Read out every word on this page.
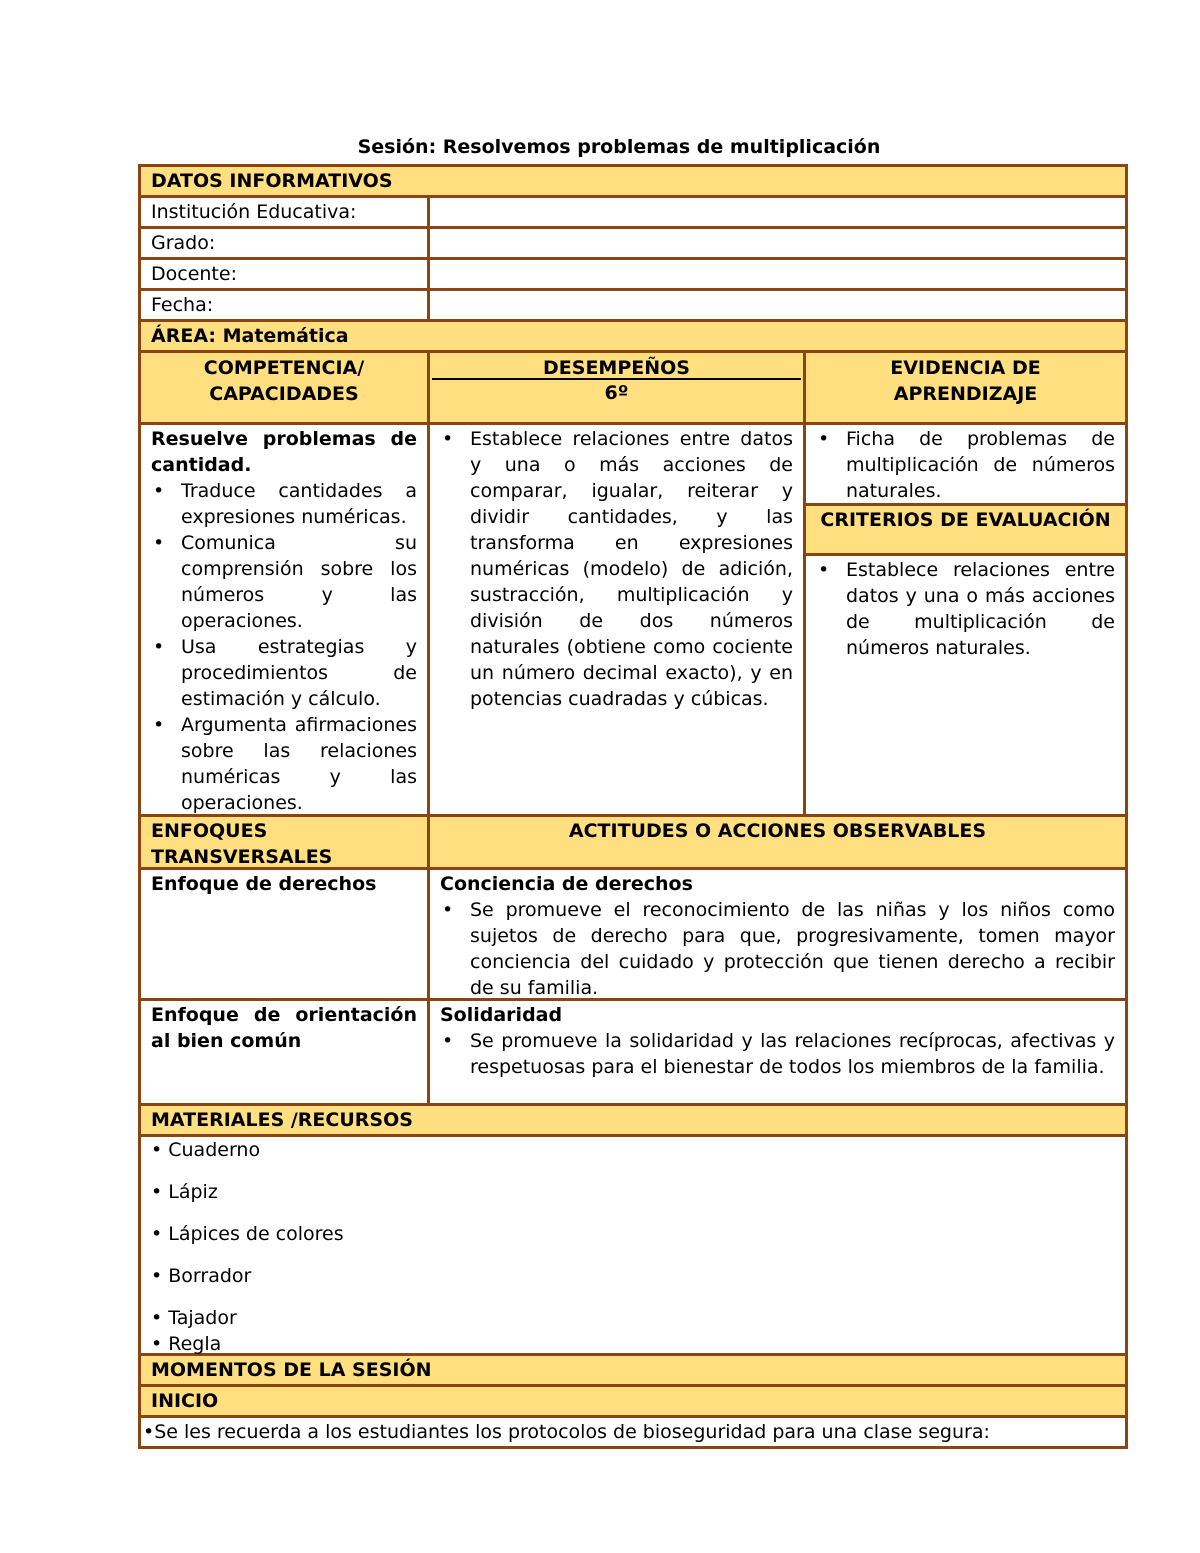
Sesión: Resolvemos problemas de multiplicación
DATOS INFORMATIVOS
Institución Educativa:
Grado:
Docente:
Fecha:
ÁREA: Matemática
COMPETENCIA/ CAPACIDADES
DESEMPEÑOS
6º
EVIDENCIA DE APRENDIZAJE
Resuelve problemas de cantidad.
• Traduce cantidades a expresiones numéricas.
• Comunica su comprensión sobre los números y las operaciones.
• Usa estrategias y procedimientos de estimación y cálculo.
• Argumenta afirmaciones sobre las relaciones numéricas y las operaciones.
• Establece relaciones entre datos y una o más acciones de comparar, igualar, reiterar y dividir cantidades, y las transforma en expresiones numéricas (modelo) de adición, sustracción, multiplicación y división de dos números naturales (obtiene como cociente un número decimal exacto), y en potencias cuadradas y cúbicas.
• Ficha de problemas de multiplicación de números naturales.
CRITERIOS DE EVALUACIÓN
• Establece relaciones entre datos y una o más acciones de multiplicación de números naturales.
ENFOQUES TRANSVERSALES
ACTITUDES O ACCIONES OBSERVABLES
Enfoque de derechos	Conciencia de derechos
• Se promueve el reconocimiento de las niñas y los niños como sujetos de derecho para que, progresivamente, tomen mayor conciencia del cuidado y protección que tienen derecho a recibir de su familia.
Enfoque de orientación al bien común
Solidaridad
• Se promueve la solidaridad y las relaciones recíprocas, afectivas y respetuosas para el bienestar de todos los miembros de la familia.
MATERIALES /RECURSOS
• Cuaderno
• Lápiz
• Lápices de colores
• Borrador
• Tajador
• Regla
MOMENTOS DE LA SESIÓN
INICIO
•Se les recuerda a los estudiantes los protocolos de bioseguridad para una clase segura:
